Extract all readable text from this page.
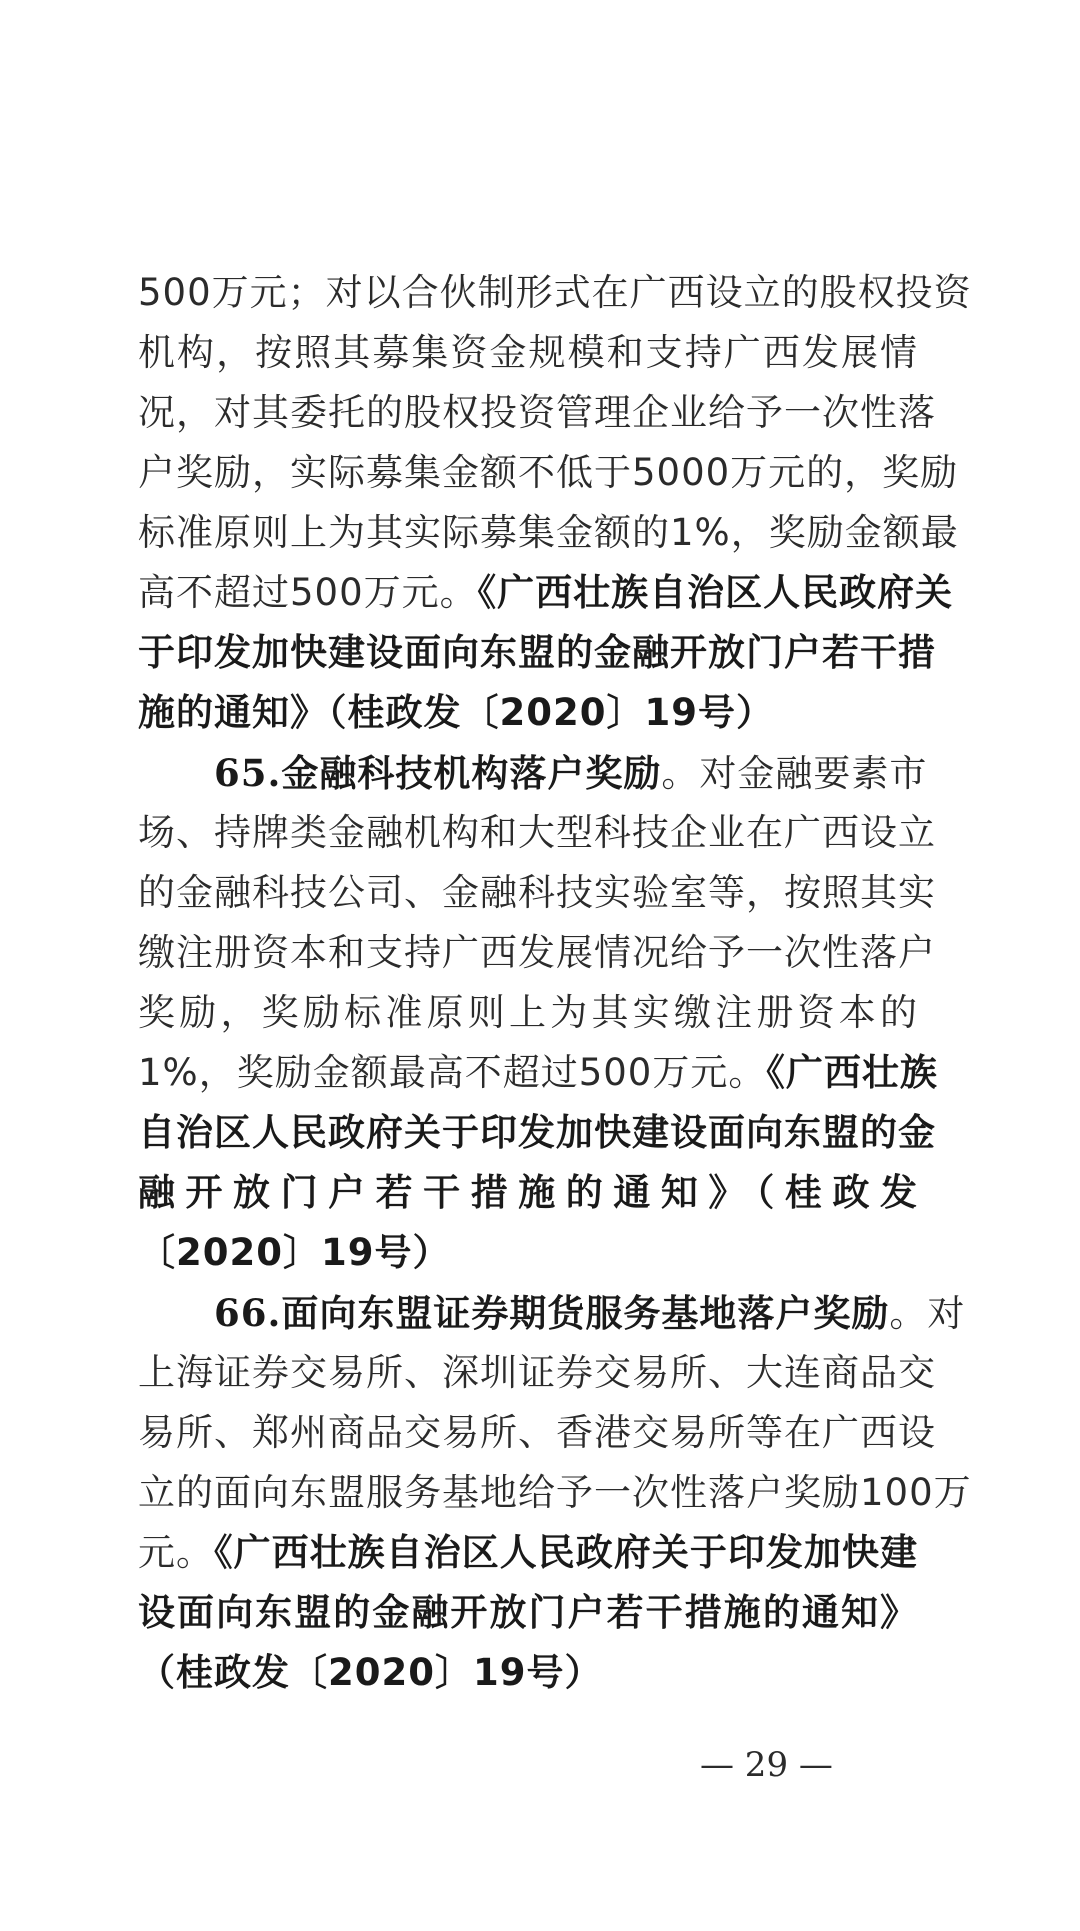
500万元；对以合伙制形式在广西设立的股权投资
机构，按照其募集资金规模和支持广西发展情
况，对其委托的股权投资管理企业给予一次性落
户奖励，实际募集金额不低于5000万元的，奖励
标准原则上为其实际募集金额的1%，奖励金额最
高不超过500万元。《广西壮族自治区人民政府关
于印发加快建设面向东盟的金融开放门户若干措
施的通知》（桂政发〔2020〕19号）
65.金融科技机构落户奖励。对金融要素市
场、持牌类金融机构和大型科技企业在广西设立
的金融科技公司、金融科技实验室等，按照其实
缴注册资本和支持广西发展情况给予一次性落户
奖励，奖励标准原则上为其实缴注册资本的
1%，奖励金额最高不超过500万元。《广西壮族
自治区人民政府关于印发加快建设面向东盟的金
融开放门户若干措施的通知》（桂政发
〔2020〕19号）
66.面向东盟证券期货服务基地落户奖励。对
上海证券交易所、深圳证券交易所、大连商品交
易所、郑州商品交易所、香港交易所等在广西设
立的面向东盟服务基地给予一次性落户奖励100万
元。《广西壮族自治区人民政府关于印发加快建
设面向东盟的金融开放门户若干措施的通知》
（桂政发〔2020〕19号）
— 29 —
